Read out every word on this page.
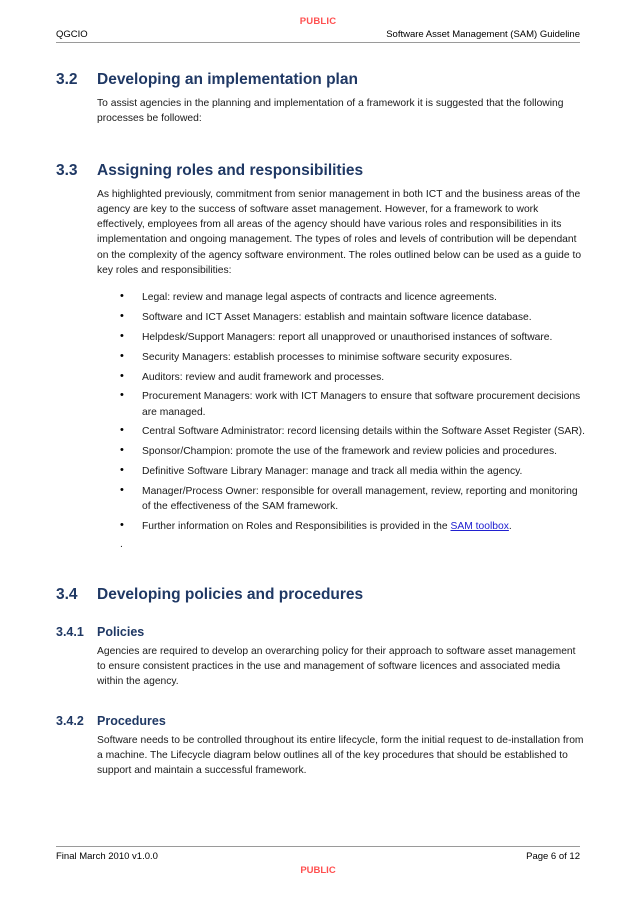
PUBLIC
QGCIO	Software Asset Management (SAM) Guideline
3.2	Developing an implementation plan
To assist agencies in the planning and implementation of a framework it is suggested that the following processes be followed:
3.3	Assigning roles and responsibilities
As highlighted previously, commitment from senior management in both ICT and the business areas of the agency are key to the success of software asset management. However, for a framework to work effectively, employees from all areas of the agency should have various roles and responsibilities in its implementation and ongoing management. The types of roles and levels of contribution will be dependant on the complexity of the agency software environment. The roles outlined below can be used as a guide to key roles and responsibilities:
• Legal: review and manage legal aspects of contracts and licence agreements.
• Software and ICT Asset Managers: establish and maintain software licence database.
• Helpdesk/Support Managers: report all unapproved or unauthorised instances of software.
• Security Managers: establish processes to minimise software security exposures.
• Auditors: review and audit framework and processes.
• Procurement Managers: work with ICT Managers to ensure that software procurement decisions are managed.
• Central Software Administrator: record licensing details within the Software Asset Register (SAR).
• Sponsor/Champion: promote the use of the framework and review policies and procedures.
• Definitive Software Library Manager: manage and track all media within the agency.
• Manager/Process Owner: responsible for overall management, review, reporting and monitoring of the effectiveness of the SAM framework.
• Further information on Roles and Responsibilities is provided in the SAM toolbox.
.
3.4	Developing policies and procedures
3.4.1	Policies
Agencies are required to develop an overarching policy for their approach to software asset management to ensure consistent practices in the use and management of software licences and associated media within the agency.
3.4.2	Procedures
Software needs to be controlled throughout its entire lifecycle, form the initial request to de-installation from a machine. The Lifecycle diagram below outlines all of the key procedures that should be established to support and maintain a successful framework.
Final March 2010 v1.0.0	Page 6 of 12
PUBLIC
